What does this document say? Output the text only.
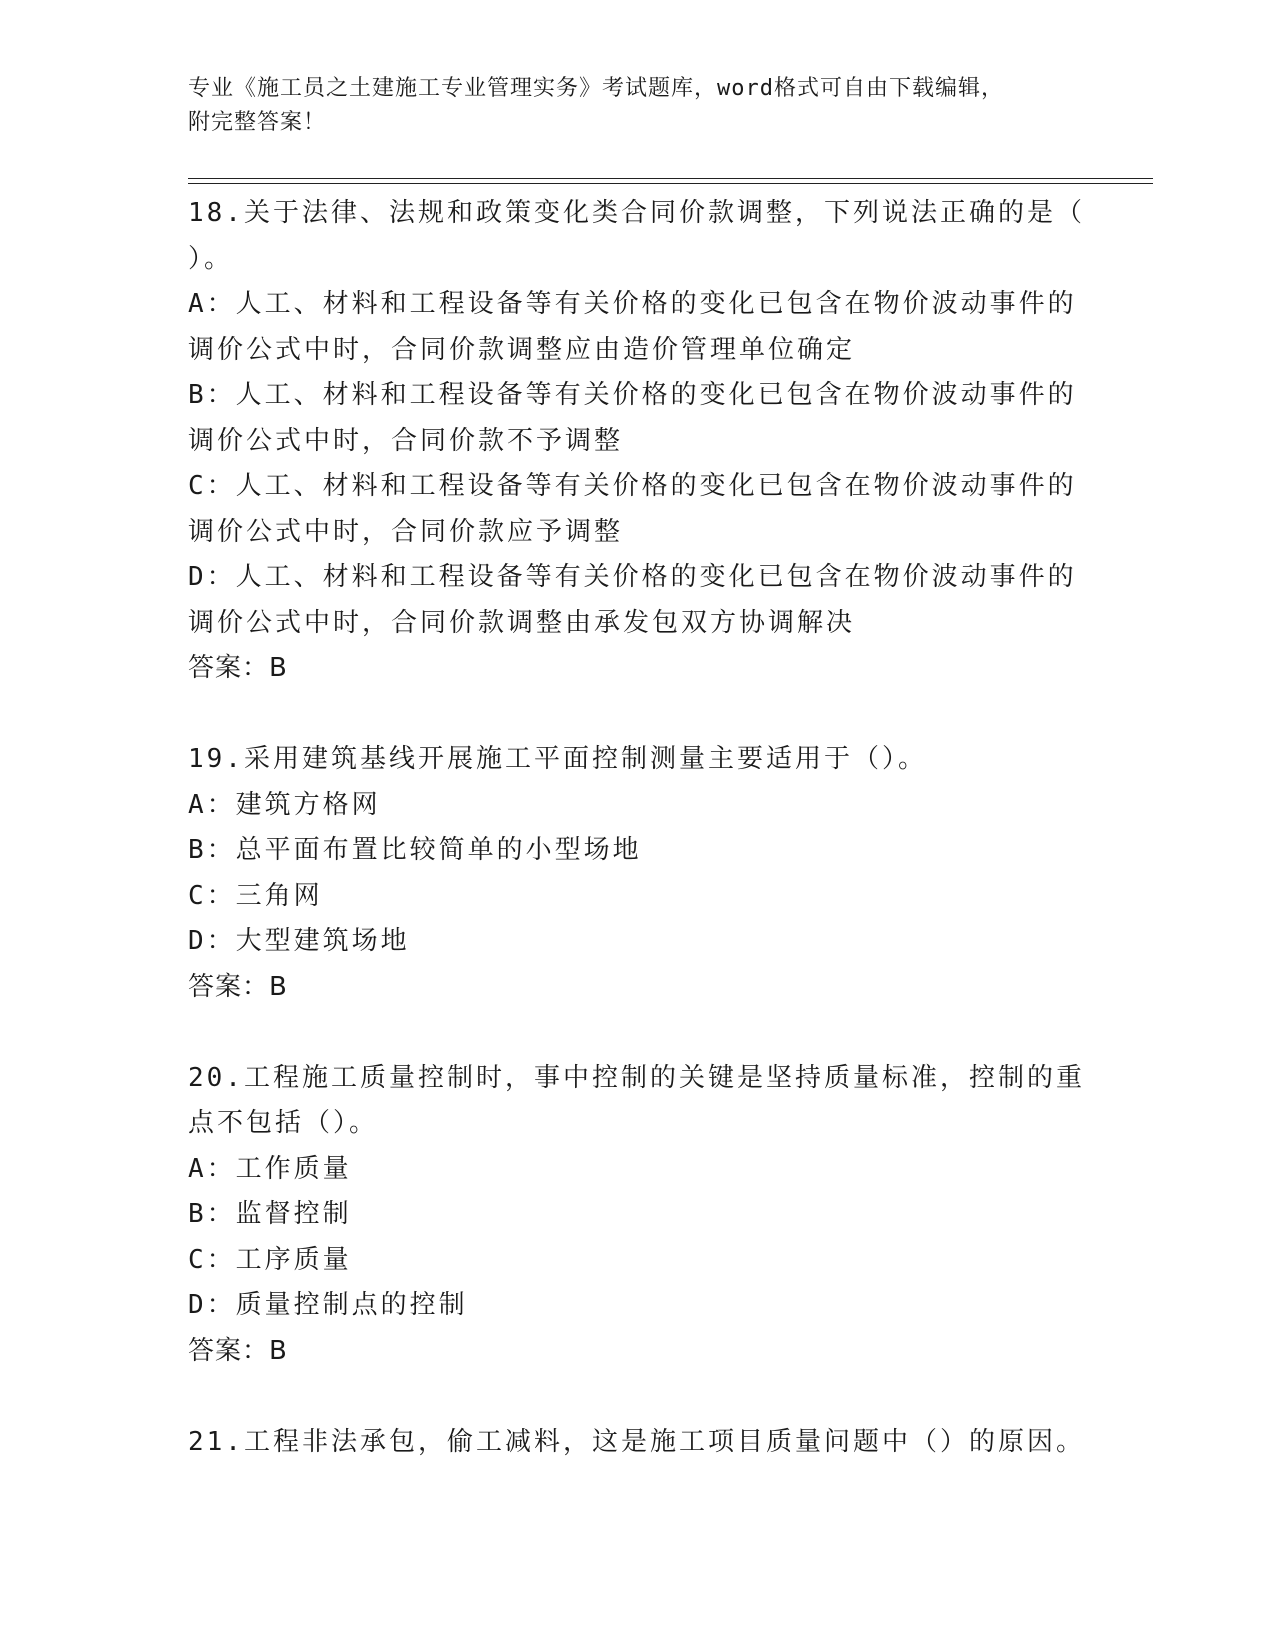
专业《施工员之土建施工专业管理实务》考试题库，word格式可自由下载编辑，
附完整答案！
18.关于法律、法规和政策变化类合同价款调整，下列说法正确的是（
）。
A：人工、材料和工程设备等有关价格的变化已包含在物价波动事件的
调价公式中时，合同价款调整应由造价管理单位确定
B：人工、材料和工程设备等有关价格的变化已包含在物价波动事件的
调价公式中时，合同价款不予调整
C：人工、材料和工程设备等有关价格的变化已包含在物价波动事件的
调价公式中时，合同价款应予调整
D：人工、材料和工程设备等有关价格的变化已包含在物价波动事件的
调价公式中时，合同价款调整由承发包双方协调解决
答案：B
19.采用建筑基线开展施工平面控制测量主要适用于（）。
A：建筑方格网
B：总平面布置比较简单的小型场地
C：三角网
D：大型建筑场地
答案：B
20.工程施工质量控制时，事中控制的关键是坚持质量标准，控制的重
点不包括（）。
A：工作质量
B：监督控制
C：工序质量
D：质量控制点的控制
答案：B
21.工程非法承包，偷工减料，这是施工项目质量问题中（）的原因。
